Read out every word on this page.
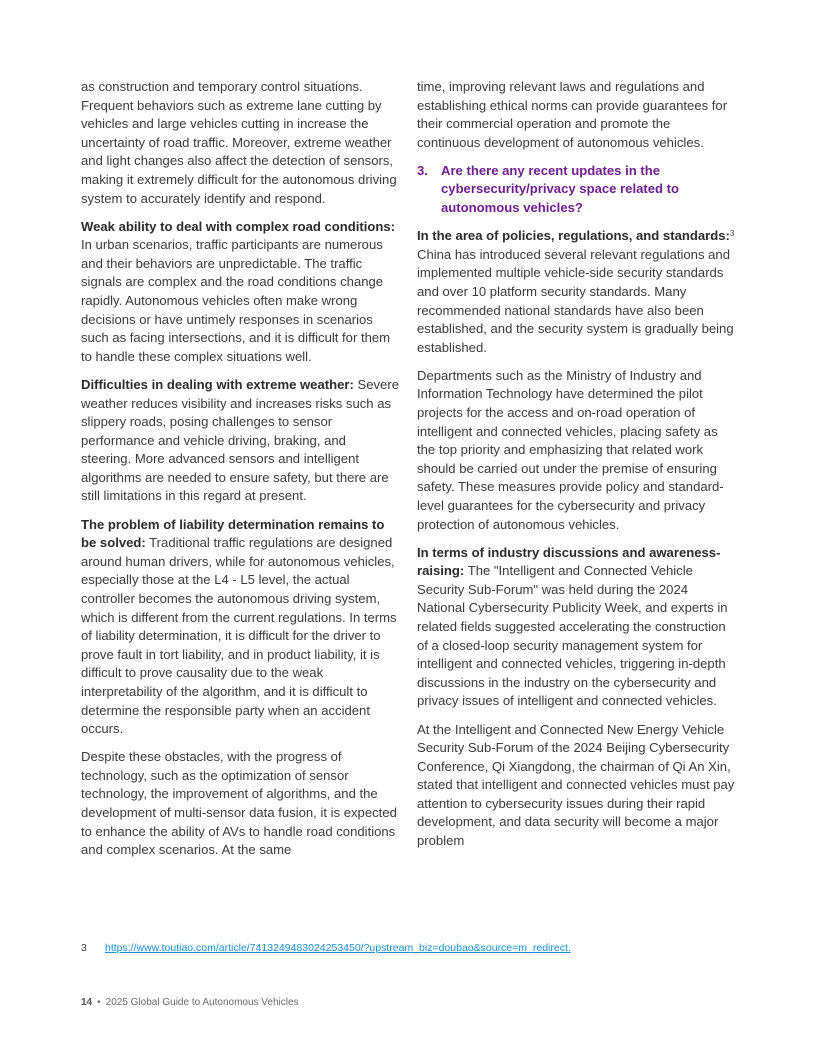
as construction and temporary control situations. Frequent behaviors such as extreme lane cutting by vehicles and large vehicles cutting in increase the uncertainty of road traffic. Moreover, extreme weather and light changes also affect the detection of sensors, making it extremely difficult for the autonomous driving system to accurately identify and respond.

Weak ability to deal with complex road conditions: In urban scenarios, traffic participants are numerous and their behaviors are unpredictable. The traffic signals are complex and the road conditions change rapidly. Autonomous vehicles often make wrong decisions or have untimely responses in scenarios such as facing intersections, and it is difficult for them to handle these complex situations well.

Difficulties in dealing with extreme weather: Severe weather reduces visibility and increases risks such as slippery roads, posing challenges to sensor performance and vehicle driving, braking, and steering. More advanced sensors and intelligent algorithms are needed to ensure safety, but there are still limitations in this regard at present.

The problem of liability determination remains to be solved: Traditional traffic regulations are designed around human drivers, while for autonomous vehicles, especially those at the L4 - L5 level, the actual controller becomes the autonomous driving system, which is different from the current regulations. In terms of liability determination, it is difficult for the driver to prove fault in tort liability, and in product liability, it is difficult to prove causality due to the weak interpretability of the algorithm, and it is difficult to determine the responsible party when an accident occurs.

Despite these obstacles, with the progress of technology, such as the optimization of sensor technology, the improvement of algorithms, and the development of multi-sensor data fusion, it is expected to enhance the ability of AVs to handle road conditions and complex scenarios. At the same

time, improving relevant laws and regulations and establishing ethical norms can provide guarantees for their commercial operation and promote the continuous development of autonomous vehicles.

3. Are there any recent updates in the cybersecurity/privacy space related to autonomous vehicles?

In the area of policies, regulations, and standards:$^3$ China has introduced several relevant regulations and implemented multiple vehicle-side security standards and over 10 platform security standards. Many recommended national standards have also been established, and the security system is gradually being established.

Departments such as the Ministry of Industry and Information Technology have determined the pilot projects for the access and on-road operation of intelligent and connected vehicles, placing safety as the top priority and emphasizing that related work should be carried out under the premise of ensuring safety. These measures provide policy and standard-level guarantees for the cybersecurity and privacy protection of autonomous vehicles.

In terms of industry discussions and awareness-raising: The "Intelligent and Connected Vehicle Security Sub-Forum" was held during the 2024 National Cybersecurity Publicity Week, and experts in related fields suggested accelerating the construction of a closed-loop security management system for intelligent and connected vehicles, triggering in-depth discussions in the industry on the cybersecurity and privacy issues of intelligent and connected vehicles.

At the Intelligent and Connected New Energy Vehicle Security Sub-Forum of the 2024 Beijing Cybersecurity Conference, Qi Xiangdong, the chairman of Qi An Xin, stated that intelligent and connected vehicles must pay attention to cybersecurity issues during their rapid development, and data security will become a major problem

3 https://www.toutiao.com/article/7413249483024253450/?upstream_biz=doubao&source=m_redirect.
14 • 2025 Global Guide to Autonomous Vehicles
